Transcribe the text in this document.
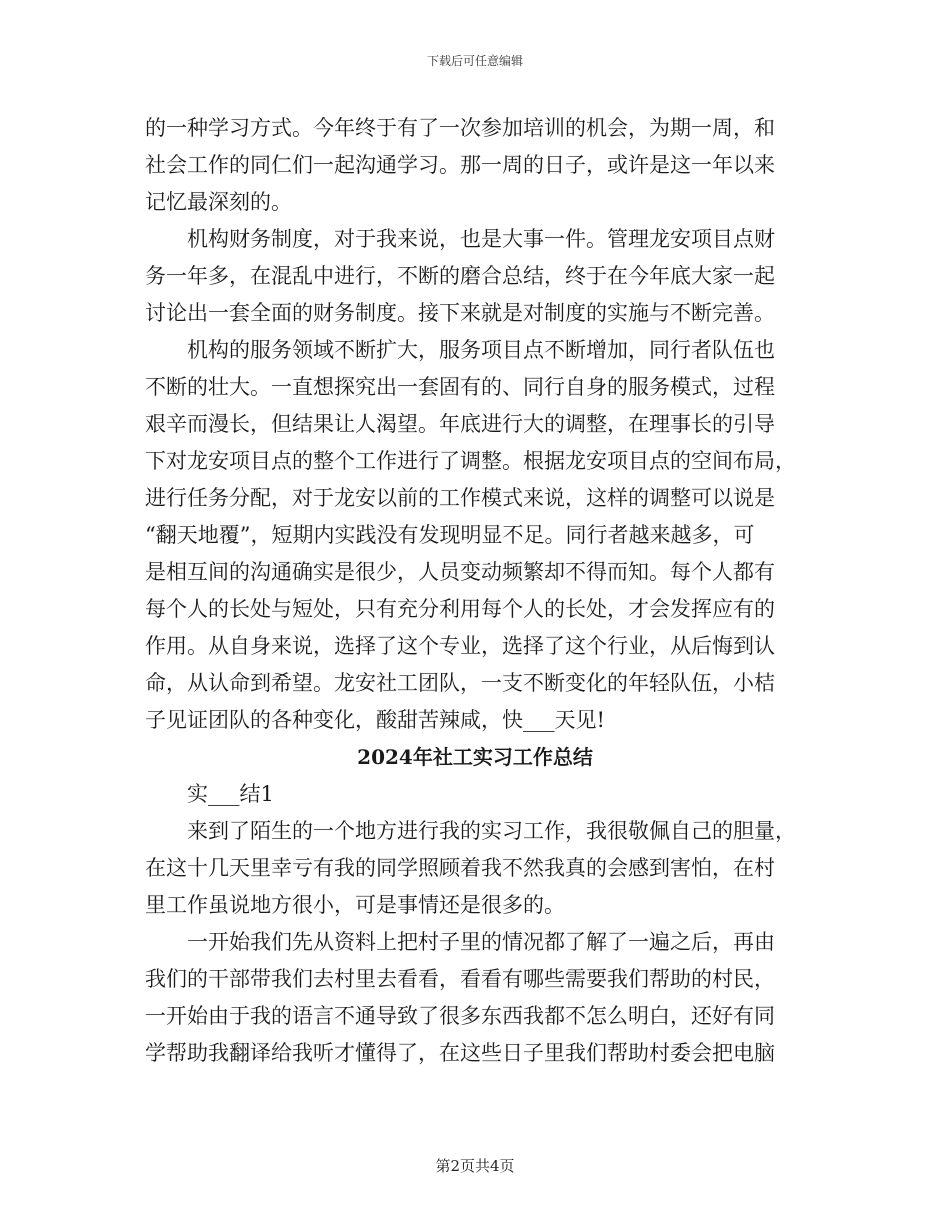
下载后可任意编辑
的一种学习方式。今年终于有了一次参加培训的机会，为期一周，和
社会工作的同仁们一起沟通学习。那一周的日子，或许是这一年以来
记忆最深刻的。
机构财务制度，对于我来说，也是大事一件。管理龙安项目点财
务一年多，在混乱中进行，不断的磨合总结，终于在今年底大家一起
讨论出一套全面的财务制度。接下来就是对制度的实施与不断完善。
机构的服务领域不断扩大，服务项目点不断增加，同行者队伍也
不断的壮大。一直想探究出一套固有的、同行自身的服务模式，过程
艰辛而漫长，但结果让人渴望。年底进行大的调整，在理事长的引导
下对龙安项目点的整个工作进行了调整。根据龙安项目点的空间布局，
进行任务分配，对于龙安以前的工作模式来说，这样的调整可以说是
“翻天地覆”，短期内实践没有发现明显不足。同行者越来越多，可
是相互间的沟通确实是很少，人员变动频繁却不得而知。每个人都有
每个人的长处与短处，只有充分利用每个人的长处，才会发挥应有的
作用。从自身来说，选择了这个专业，选择了这个行业，从后悔到认
命，从认命到希望。龙安社工团队，一支不断变化的年轻队伍，小桔
子见证团队的各种变化，酸甜苦辣咸，快___天见!
2024年社工实习工作总结
实___结1
来到了陌生的一个地方进行我的实习工作，我很敬佩自己的胆量，
在这十几天里幸亏有我的同学照顾着我不然我真的会感到害怕，在村
里工作虽说地方很小，可是事情还是很多的。
一开始我们先从资料上把村子里的情况都了解了一遍之后，再由
我们的干部带我们去村里去看看，看看有哪些需要我们帮助的村民，
一开始由于我的语言不通导致了很多东西我都不怎么明白，还好有同
学帮助我翻译给我听才懂得了，在这些日子里我们帮助村委会把电脑
第2页共4页
